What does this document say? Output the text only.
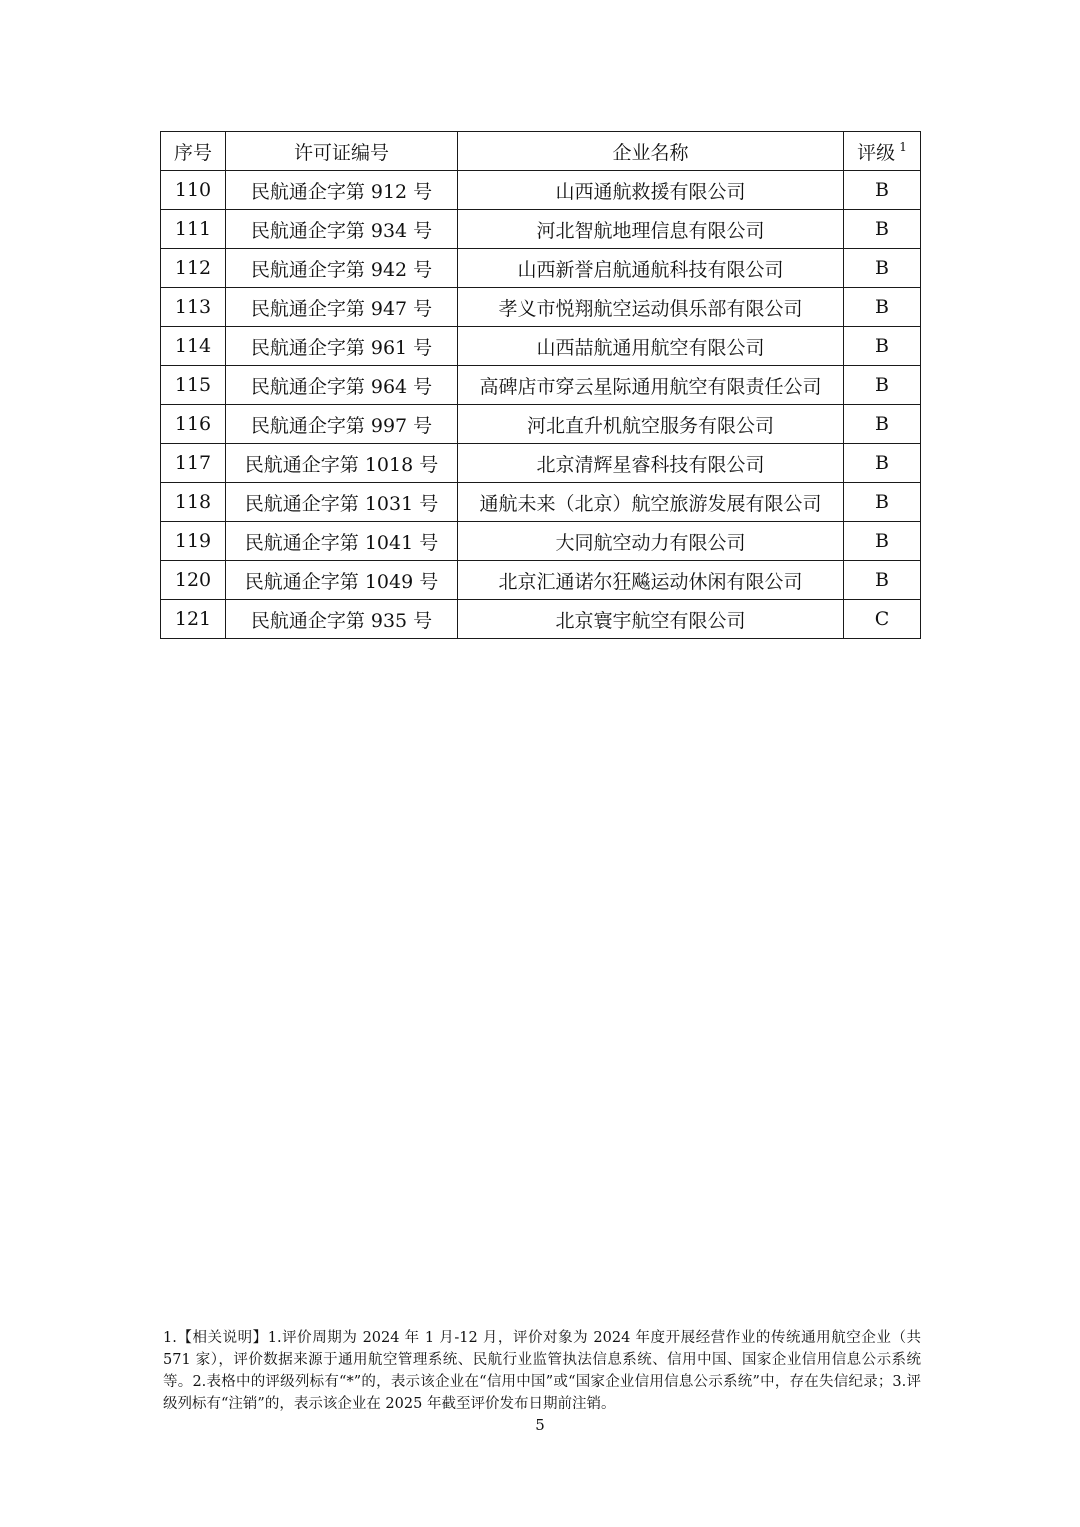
序号	许可证编号	企业名称	评级 $^1$
110	民航通企字第 912 号	山西通航救援有限公司	B
111	民航通企字第 934 号	河北智航地理信息有限公司	B
112	民航通企字第 942 号	山西新誉启航通航科技有限公司	B
113	民航通企字第 947 号	孝义市悦翔航空运动俱乐部有限公司	B
114	民航通企字第 961 号	山西喆航通用航空有限公司	B
115	民航通企字第 964 号	高碑店市穿云星际通用航空有限责任公司	B
116	民航通企字第 997 号	河北直升机航空服务有限公司	B
117	民航通企字第 1018 号	北京清辉星睿科技有限公司	B
118	民航通企字第 1031 号	通航未来（北京）航空旅游发展有限公司	B
119	民航通企字第 1041 号	大同航空动力有限公司	B
120	民航通企字第 1049 号	北京汇通诺尔狂飚运动休闲有限公司	B
121	民航通企字第 935 号	北京寰宇航空有限公司	C
1.【相关说明】1.评价周期为 2024 年 1 月-12 月，评价对象为 2024 年度开展经营作业的传统通用航空企业（共 571 家），评价数据来源于通用航空管理系统、民航行业监管执法信息系统、信用中国、国家企业信用信息公示系统等。2.表格中的评级列标有“*”的，表示该企业在“信用中国”或“国家企业信用信息公示系统”中，存在失信纪录；3.评级列标有“注销”的，表示该企业在 2025 年截至评价发布日期前注销。
5
